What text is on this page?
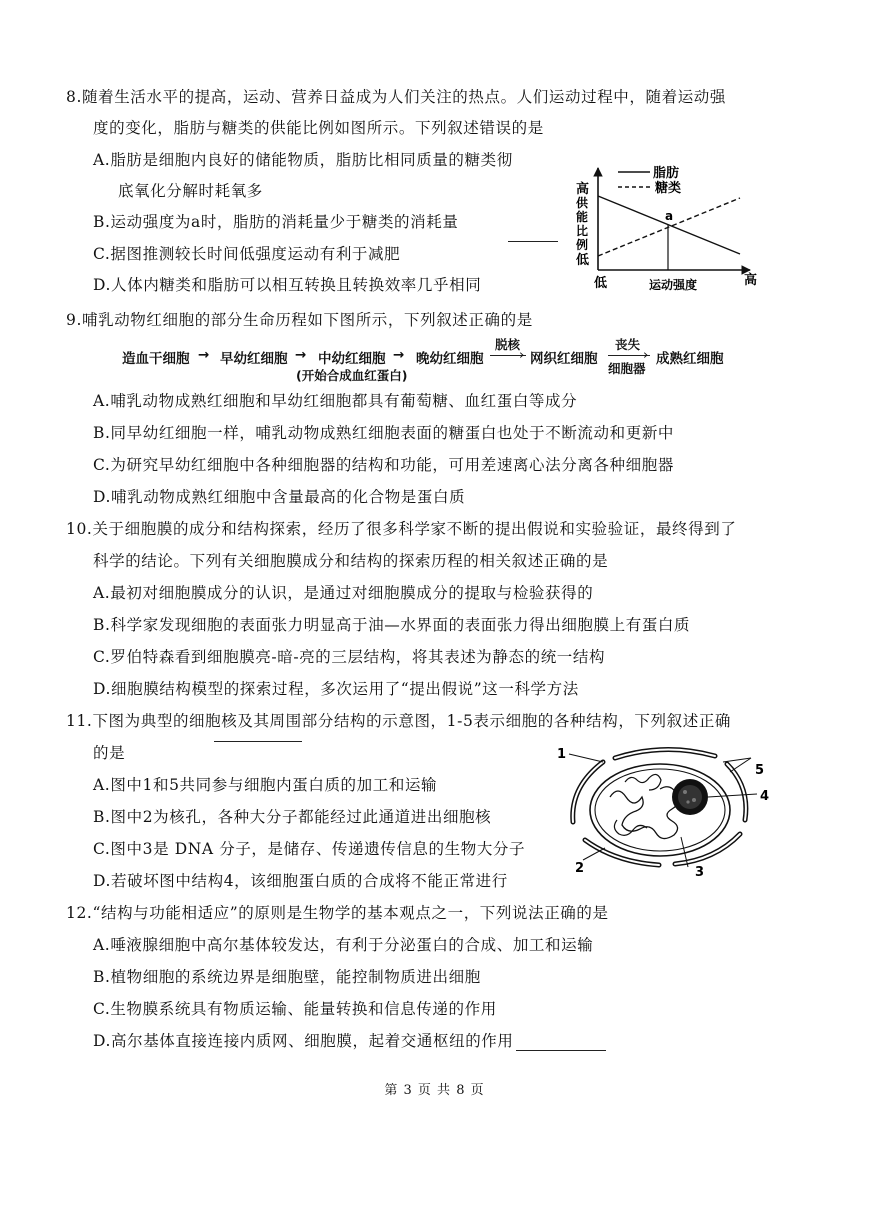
8.随着生活水平的提高，运动、营养日益成为人们关注的热点。人们运动过程中，随着运动强
度的变化，脂肪与糖类的供能比例如图所示。下列叙述错误的是
A.脂肪是细胞内良好的储能物质，脂肪比相同质量的糖类彻
底氧化分解时耗氧多
B.运动强度为a时，脂肪的消耗量少于糖类的消耗量
C.据图推测较长时间低强度运动有利于减肥
D.人体内糖类和脂肪可以相互转换且转换效率几乎相同
脂肪
糖类
高
供
能
比
例
低
低	运动强度	高
a
9.哺乳动物红细胞的部分生命历程如下图所示，下列叙述正确的是
造血干细胞 → 早幼红细胞 → 中幼红细胞
(开始合成血红蛋白)
→ 晚幼红细胞
脱核
› 网织红细胞
丧失
›
细胞器
成熟红细胞
A.哺乳动物成熟红细胞和早幼红细胞都具有葡萄糖、血红蛋白等成分
B.同早幼红细胞一样，哺乳动物成熟红细胞表面的糖蛋白也处于不断流动和更新中
C.为研究早幼红细胞中各种细胞器的结构和功能，可用差速离心法分离各种细胞器
D.哺乳动物成熟红细胞中含量最高的化合物是蛋白质
10.关于细胞膜的成分和结构探索，经历了很多科学家不断的提出假说和实验验证，最终得到了
科学的结论。下列有关细胞膜成分和结构的探索历程的相关叙述正确的是
A.最初对细胞膜成分的认识，是通过对细胞膜成分的提取与检验获得的
B.科学家发现细胞的表面张力明显高于油—水界面的表面张力得出细胞膜上有蛋白质
C.罗伯特森看到细胞膜亮-暗-亮的三层结构，将其表述为静态的统一结构
D.细胞膜结构模型的探索过程，多次运用了“提出假说”这一科学方法
11.下图为典型的细胞核及其周围部分结构的示意图，1-5表示细胞的各种结构，下列叙述正确
的是
A.图中1和5共同参与细胞内蛋白质的加工和运输
B.图中2为核孔，各种大分子都能经过此通道进出细胞核
C.图中3是 DNA 分子，是储存、传递遗传信息的生物大分子
D.若破坏图中结构4，该细胞蛋白质的合成将不能正常进行
1
5
4
2	3
12.“结构与功能相适应”的原则是生物学的基本观点之一，下列说法正确的是
A.唾液腺细胞中高尔基体较发达，有利于分泌蛋白的合成、加工和运输
B.植物细胞的系统边界是细胞壁，能控制物质进出细胞
C.生物膜系统具有物质运输、能量转换和信息传递的作用
D.高尔基体直接连接内质网、细胞膜，起着交通枢纽的作用
第 3 页 共 8 页
